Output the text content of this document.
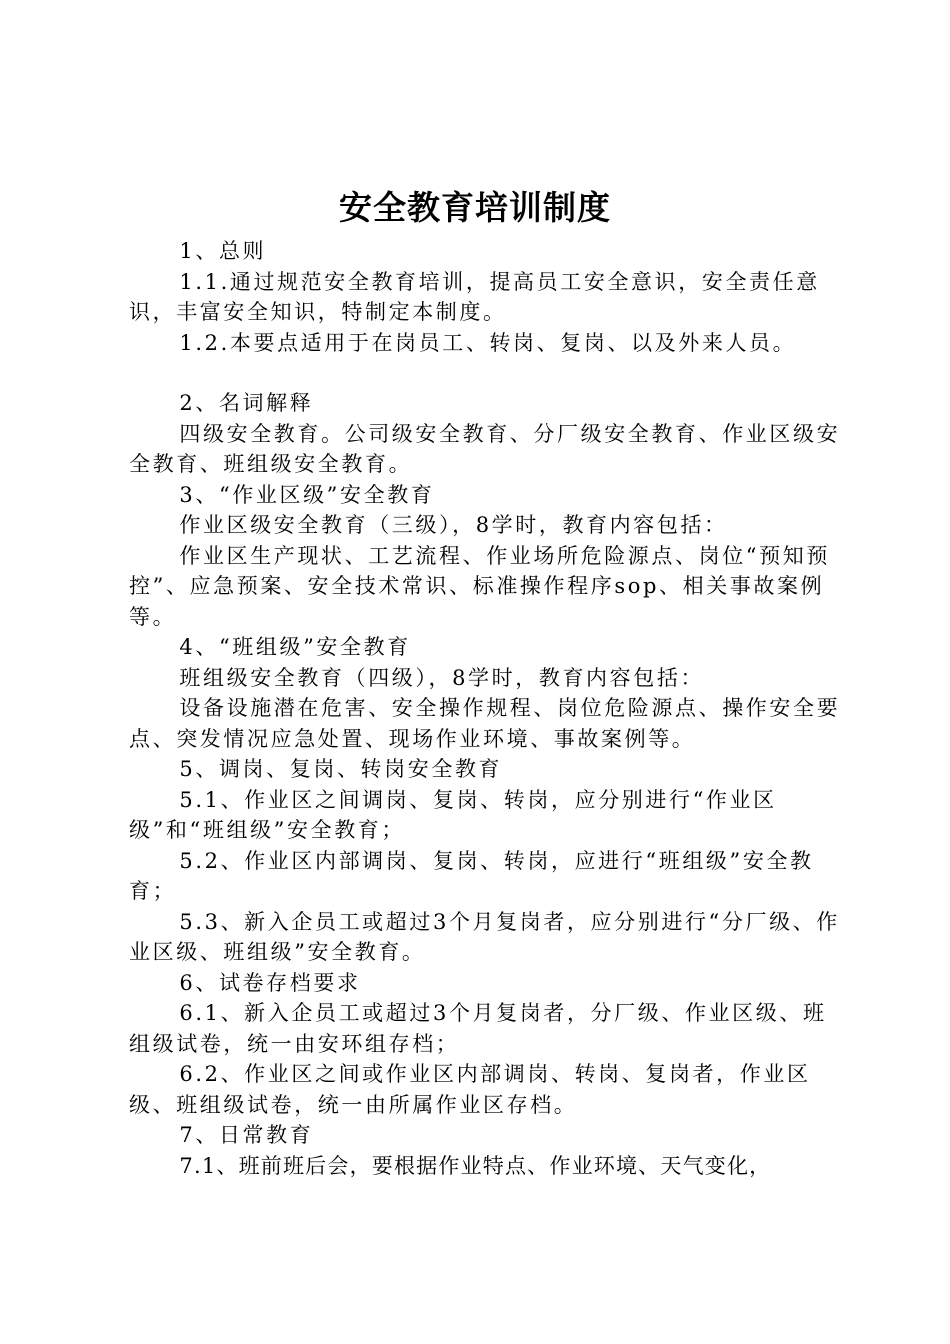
安全教育培训制度

1、总则

1.1.通过规范安全教育培训，提高员工安全意识，安全责任意识，丰富安全知识，特制定本制度。

1.2.本要点适用于在岗员工、转岗、复岗、以及外来人员。

2、名词解释

四级安全教育。公司级安全教育、分厂级安全教育、作业区级安全教育、班组级安全教育。

3、“作业区级”安全教育

作业区级安全教育（三级），8学时，教育内容包括：

作业区生产现状、工艺流程、作业场所危险源点、岗位“预知预控”、应急预案、安全技术常识、标准操作程序sop、相关事故案例等。

4、“班组级”安全教育

班组级安全教育（四级），8学时，教育内容包括：

设备设施潜在危害、安全操作规程、岗位危险源点、操作安全要点、突发情况应急处置、现场作业环境、事故案例等。

5、调岗、复岗、转岗安全教育

5.1、作业区之间调岗、复岗、转岗，应分别进行“作业区级”和“班组级”安全教育；

5.2、作业区内部调岗、复岗、转岗，应进行“班组级”安全教育；

5.3、新入企员工或超过3个月复岗者，应分别进行“分厂级、作业区级、班组级”安全教育。

6、试卷存档要求

6.1、新入企员工或超过3个月复岗者，分厂级、作业区级、班组级试卷，统一由安环组存档；

6.2、作业区之间或作业区内部调岗、转岗、复岗者，作业区级、班组级试卷，统一由所属作业区存档。

7、日常教育

7.1、班前班后会，要根据作业特点、作业环境、天气变化，
